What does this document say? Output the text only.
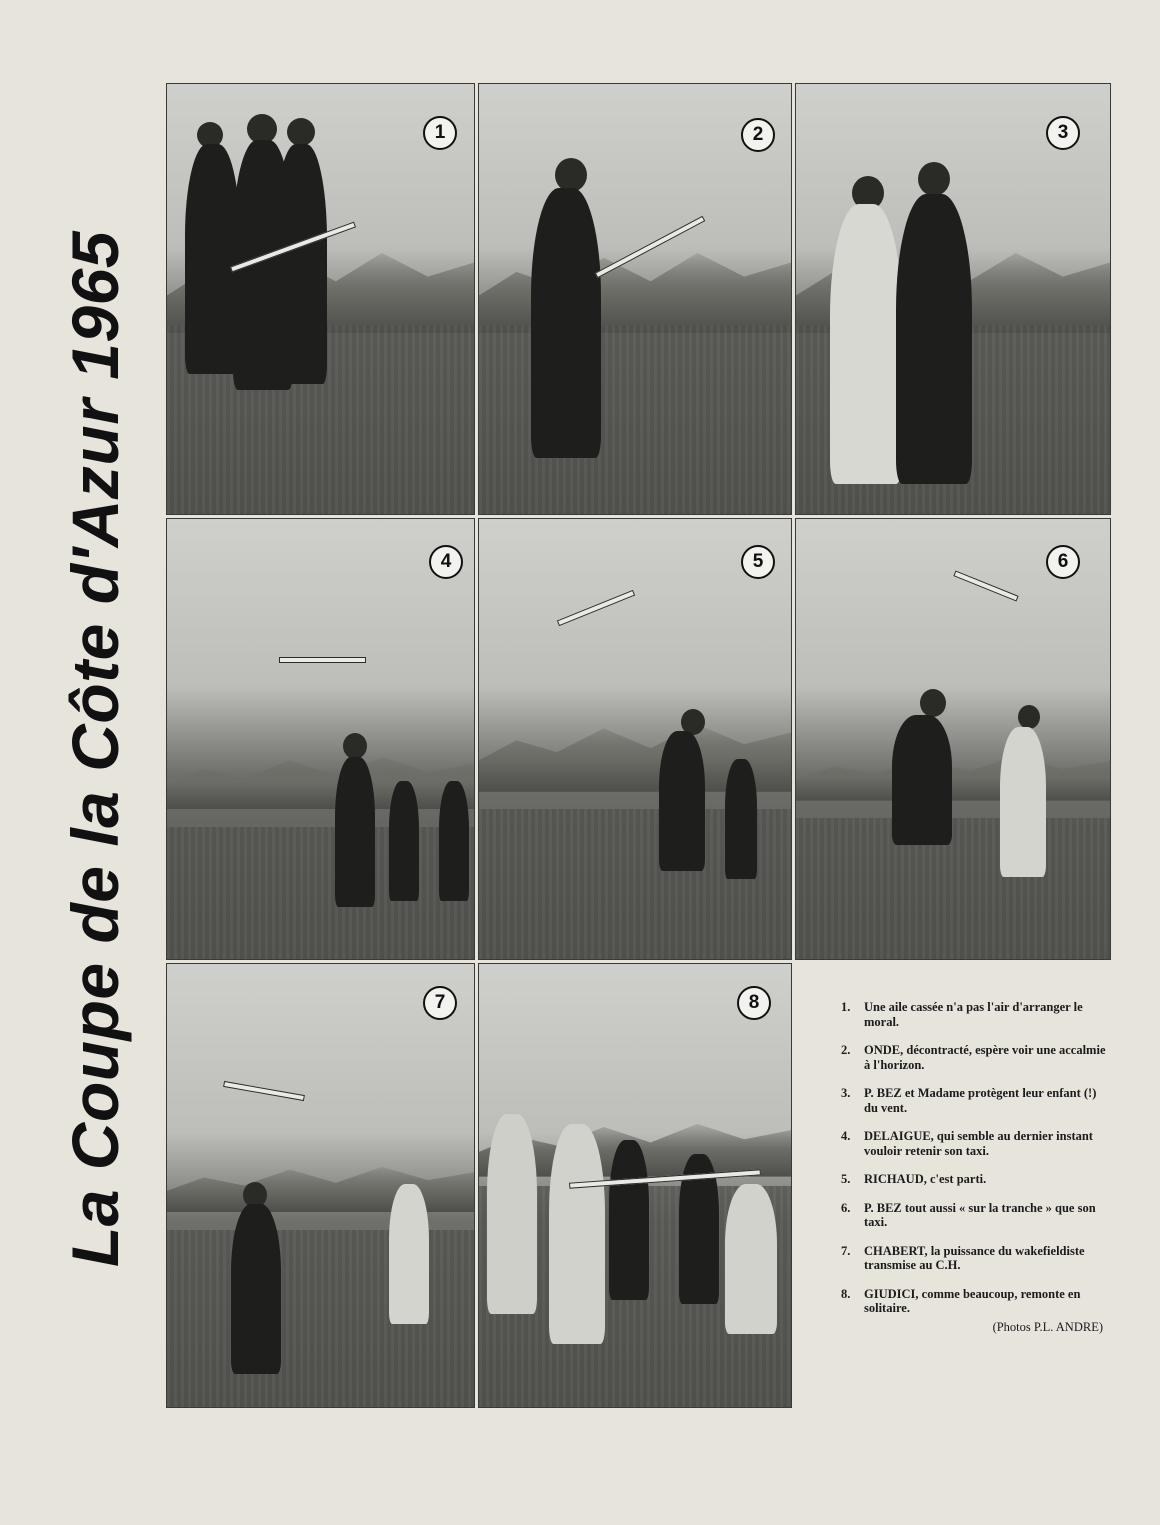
La Coupe de la Côte d'Azur 1965
1	2	3
4	5	6
7	8	1. Une aile cassée n'a pas l'air d'arranger le moral.
2. ONDE, décontracté, espère voir une accalmie à l'horizon.
3. P. BEZ et Madame protègent leur enfant (!) du vent.
4. DELAIGUE, qui semble au dernier instant vouloir retenir son taxi.
5. RICHAUD, c'est parti.
6. P. BEZ tout aussi « sur la tranche » que son taxi.
7. CHABERT, la puissance du wakefieldiste transmise au C.H.
8. GIUDICI, comme beaucoup, remonte en solitaire.
(Photos P.L. ANDRE)
